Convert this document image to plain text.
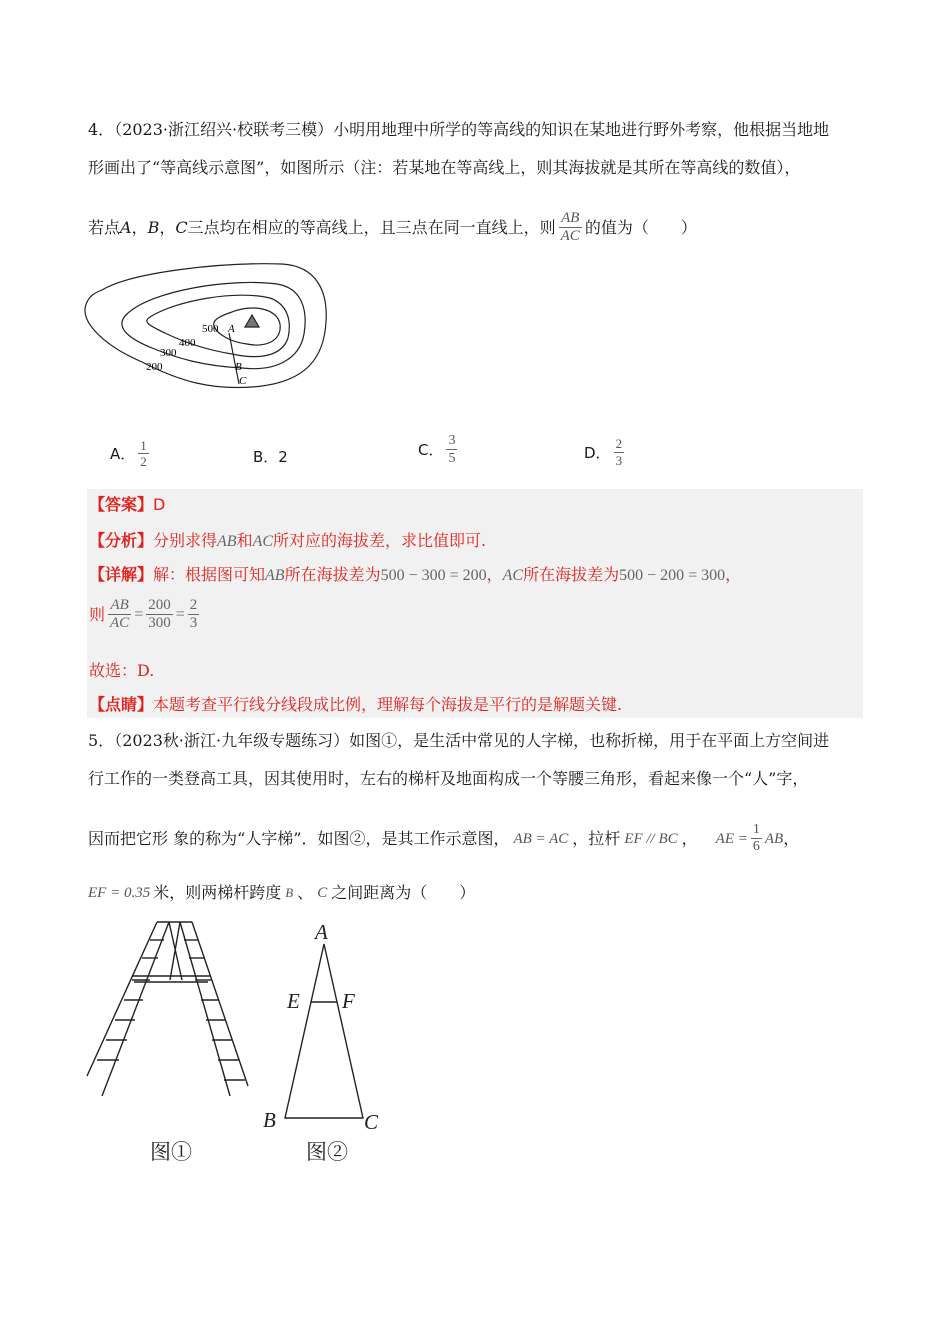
4．（2023·浙江绍兴·校联考三模）小明用地理中所学的等高线的知识在某地进行野外考察，他根据当地地
形画出了“等高线示意图”，如图所示（注：若某地在等高线上，则其海拔就是其所在等高线的数值），
若点 A ， B ， C 三点均在相应的等高线上，且三点在同一直线上，则 $\frac{AB}{AC}$ 的值为（　　）
500 A
400
300
200	B
C
A． $\frac{1}{2}$	B．2	C． $\frac{3}{5}$	D． $\frac{2}{3}$
【答案】D
【分析】分别求得AB和AC所对应的海拔差，求比值即可.
【详解】解：根据图可知AB所在海拔差为500 − 300 = 200，AC所在海拔差为500 − 200 = 300，
则 $\frac{AB}{AC} = \frac{200}{300} = \frac{2}{3}$
故选：D.
【点睛】本题考查平行线分线段成比例，理解每个海拔是平行的是解题关键.
5．（2023秋·浙江·九年级专题练习）如图①，是生活中常见的人字梯，也称折梯，用于在平面上方空间进
行工作的一类登高工具，因其使用时，左右的梯杆及地面构成一个等腰三角形，看起来像一个“人”字，
因而把它形 象的称为“人字梯”．如图②，是其工作示意图， AB = AC ，拉杆 EF // BC ， AE = $\frac{1}{6}$ AB ，
EF = 0.35 米，则两梯杆跨度 B 、 C 之间距离为（　　）
图①
A
E F
B	C
图②
